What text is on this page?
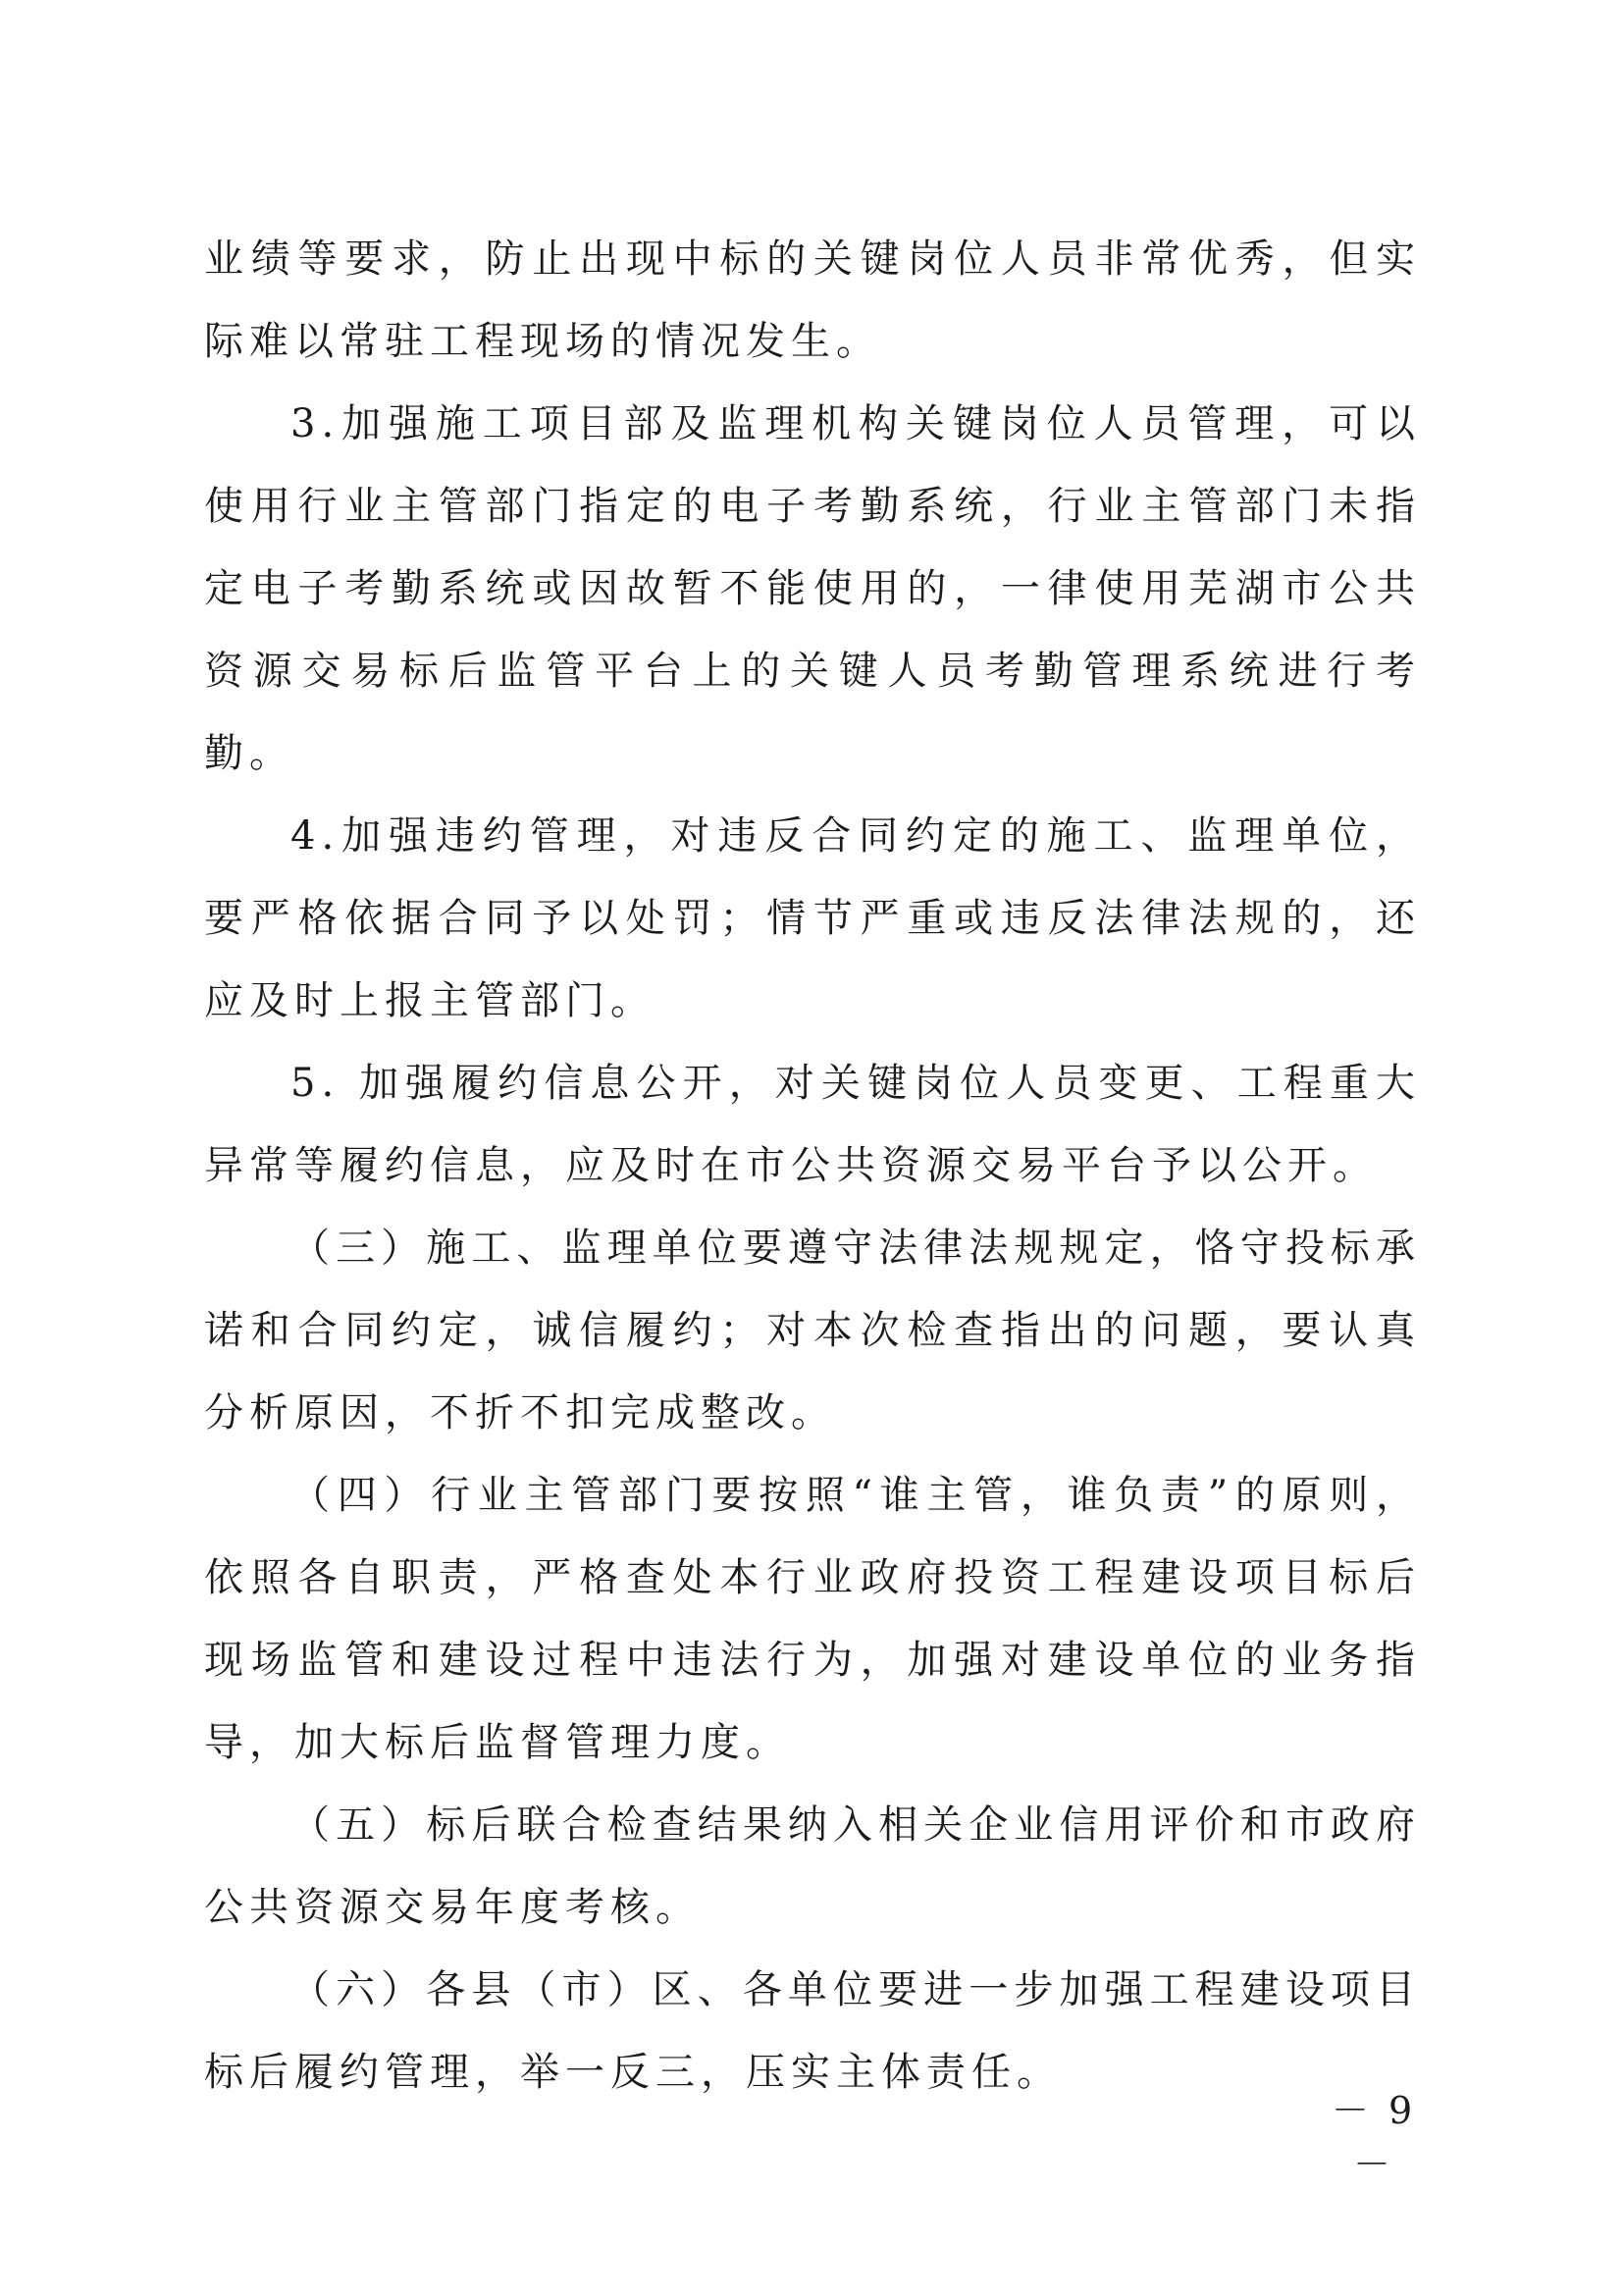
业绩等要求，防止出现中标的关键岗位人员非常优秀，但实际难以常驻工程现场的情况发生。

3.加强施工项目部及监理机构关键岗位人员管理，可以使用行业主管部门指定的电子考勤系统，行业主管部门未指定电子考勤系统或因故暂不能使用的，一律使用芜湖市公共资源交易标后监管平台上的关键人员考勤管理系统进行考勤。

4.加强违约管理，对违反合同约定的施工、监理单位，要严格依据合同予以处罚；情节严重或违反法律法规的，还应及时上报主管部门。

5. 加强履约信息公开，对关键岗位人员变更、工程重大异常等履约信息，应及时在市公共资源交易平台予以公开。

（三）施工、监理单位要遵守法律法规规定，恪守投标承诺和合同约定，诚信履约；对本次检查指出的问题，要认真分析原因，不折不扣完成整改。

（四）行业主管部门要按照“谁主管，谁负责”的原则，依照各自职责，严格查处本行业政府投资工程建设项目标后现场监管和建设过程中违法行为，加强对建设单位的业务指导，加大标后监督管理力度。

（五）标后联合检查结果纳入相关企业信用评价和市政府公共资源交易年度考核。

（六）各县（市）区、各单位要进一步加强工程建设项目标后履约管理，举一反三，压实主体责任。

－ 9 －
